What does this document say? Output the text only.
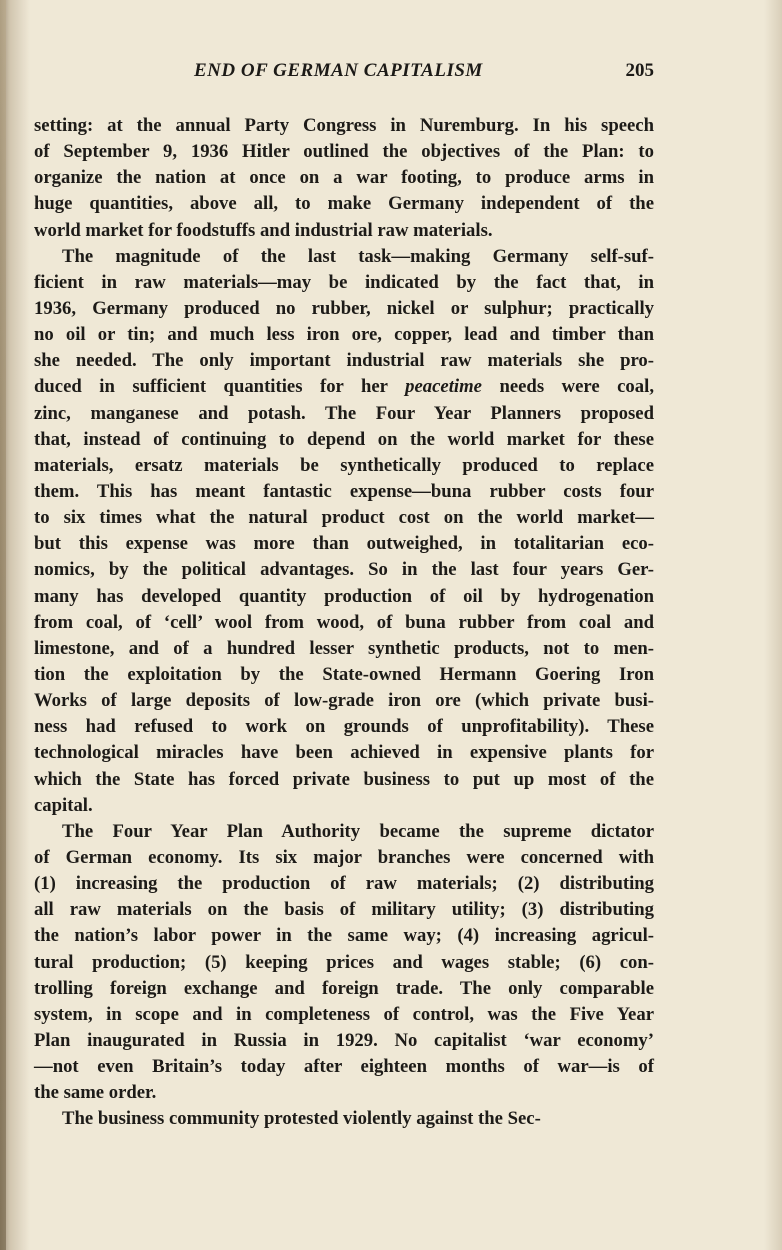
END OF GERMAN CAPITALISM	205
setting: at the annual Party Congress in Nuremburg. In his speech
of September 9, 1936 Hitler outlined the objectives of the Plan: to
organize the nation at once on a war footing, to produce arms in
huge quantities, above all, to make Germany independent of the
world market for foodstuffs and industrial raw materials.
The magnitude of the last task—making Germany self-suf-
ficient in raw materials—may be indicated by the fact that, in
1936, Germany produced no rubber, nickel or sulphur; practically
no oil or tin; and much less iron ore, copper, lead and timber than
she needed. The only important industrial raw materials she pro-
duced in sufficient quantities for her peacetime needs were coal,
zinc, manganese and potash. The Four Year Planners proposed
that, instead of continuing to depend on the world market for these
materials, ersatz materials be synthetically produced to replace
them. This has meant fantastic expense—buna rubber costs four
to six times what the natural product cost on the world market—
but this expense was more than outweighed, in totalitarian eco-
nomics, by the political advantages. So in the last four years Ger-
many has developed quantity production of oil by hydrogenation
from coal, of ‘cell’ wool from wood, of buna rubber from coal and
limestone, and of a hundred lesser synthetic products, not to men-
tion the exploitation by the State-owned Hermann Goering Iron
Works of large deposits of low-grade iron ore (which private busi-
ness had refused to work on grounds of unprofitability). These
technological miracles have been achieved in expensive plants for
which the State has forced private business to put up most of the
capital.
The Four Year Plan Authority became the supreme dictator
of German economy. Its six major branches were concerned with
(1) increasing the production of raw materials; (2) distributing
all raw materials on the basis of military utility; (3) distributing
the nation’s labor power in the same way; (4) increasing agricul-
tural production; (5) keeping prices and wages stable; (6) con-
trolling foreign exchange and foreign trade. The only comparable
system, in scope and in completeness of control, was the Five Year
Plan inaugurated in Russia in 1929. No capitalist ‘war economy’
—not even Britain’s today after eighteen months of war—is of
the same order.
The business community protested violently against the Sec-
